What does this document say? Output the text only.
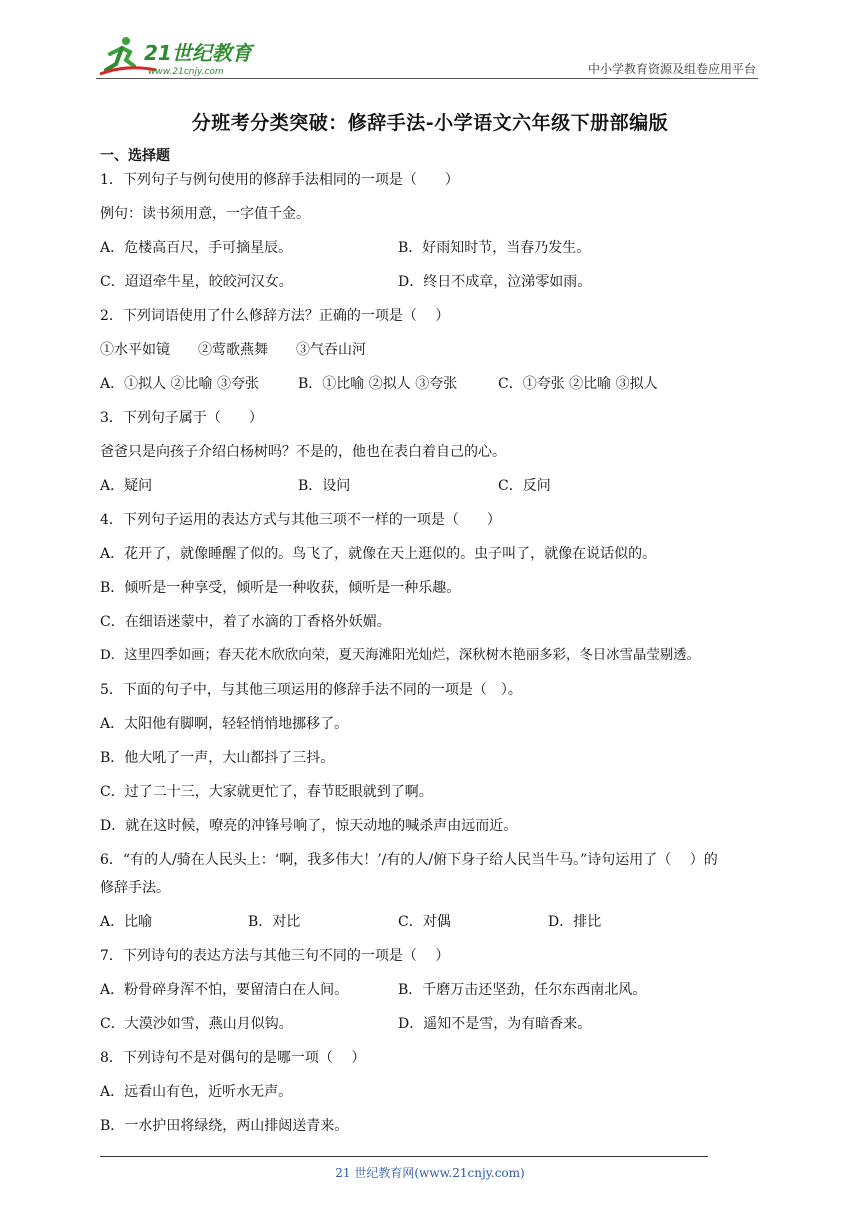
21世纪教育
www.21cnjy.com	中小学教育资源及组卷应用平台
分班考分类突破：修辞手法-小学语文六年级下册部编版
一、选择题
1．下列句子与例句使用的修辞手法相同的一项是（　　）
例句：读书须用意，一字值千金。
A．危楼高百尺，手可摘星辰。	B．好雨知时节，当春乃发生。
C．迢迢牵牛星，皎皎河汉女。	D．终日不成章，泣涕零如雨。
2．下列词语使用了什么修辞方法？正确的一项是（　 ）
①水平如镜　　②莺歌燕舞　　③气吞山河
A．①拟人 ②比喻 ③夸张	B．①比喻 ②拟人 ③夸张	C．①夸张 ②比喻 ③拟人
3．下列句子属于（　　）
爸爸只是向孩子介绍白杨树吗？不是的，他也在表白着自己的心。
A．疑问	B．设问	C．反问
4．下列句子运用的表达方式与其他三项不一样的一项是（　　）
A．花开了，就像睡醒了似的。鸟飞了，就像在天上逛似的。虫子叫了，就像在说话似的。
B．倾听是一种享受，倾听是一种收获，倾听是一种乐趣。
C．在细语迷蒙中，着了水滴的丁香格外妖媚。
D．这里四季如画；春天花木欣欣向荣，夏天海滩阳光灿烂，深秋树木艳丽多彩，冬日冰雪晶莹剔透。
5．下面的句子中，与其他三项运用的修辞手法不同的一项是（　）。
A．太阳他有脚啊，轻轻悄悄地挪移了。
B．他大吼了一声，大山都抖了三抖。
C．过了二十三，大家就更忙了，春节眨眼就到了啊。
D．就在这时候，嘹亮的冲锋号响了，惊天动地的喊杀声由远而近。
6．“有的人/骑在人民头上：‘啊，我多伟大！’/有的人/俯下身子给人民当牛马。”诗句运用了（　 ）的
修辞手法。
A．比喻	B．对比	C．对偶	D．排比
7．下列诗句的表达方法与其他三句不同的一项是（　 ）
A．粉骨碎身浑不怕，要留清白在人间。	B．千磨万击还坚劲，任尔东西南北风。
C．大漠沙如雪，燕山月似钩。	D．遥知不是雪，为有暗香来。
8．下列诗句不是对偶句的是哪一项（　 ）
A．远看山有色，近听水无声。
B．一水护田将绿绕，两山排闼送青来。
21 世纪教育网(www.21cnjy.com)
